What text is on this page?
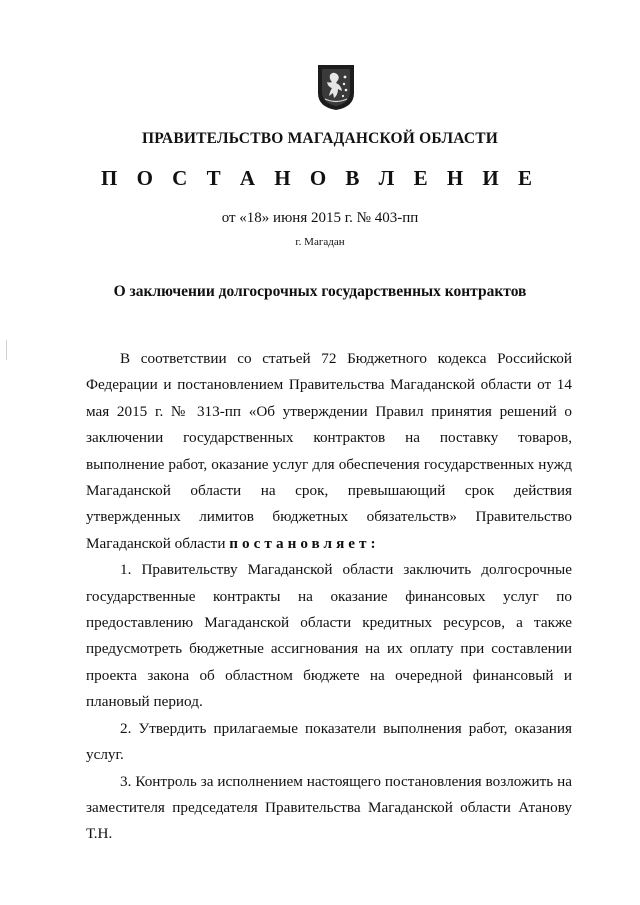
ПРАВИТЕЛЬСТВО МАГАДАНСКОЙ ОБЛАСТИ
П О С Т А Н О В Л Е Н И Е
от «18» июня 2015 г. № 403-пп
г. Магадан
О заключении долгосрочных государственных контрактов

В соответствии со статьей 72 Бюджетного кодекса Российской Федерации и постановлением Правительства Магаданской области от 14 мая 2015 г. № 313-пп «Об утверждении Правил принятия решений о заключении государственных контрактов на поставку товаров, выполнение работ, оказание услуг для обеспечения государственных нужд Магаданской области на срок, превышающий срок действия утвержденных лимитов бюджетных обязательств» Правительство Магаданской области постановляет:

1. Правительству Магаданской области заключить долгосрочные государственные контракты на оказание финансовых услуг по предоставлению Магаданской области кредитных ресурсов, а также предусмотреть бюджетные ассигнования на их оплату при составлении проекта закона об областном бюджете на очередной финансовый и плановый период.

2. Утвердить прилагаемые показатели выполнения работ, оказания услуг.

3. Контроль за исполнением настоящего постановления возложить на заместителя председателя Правительства Магаданской области Атанову Т.Н.
